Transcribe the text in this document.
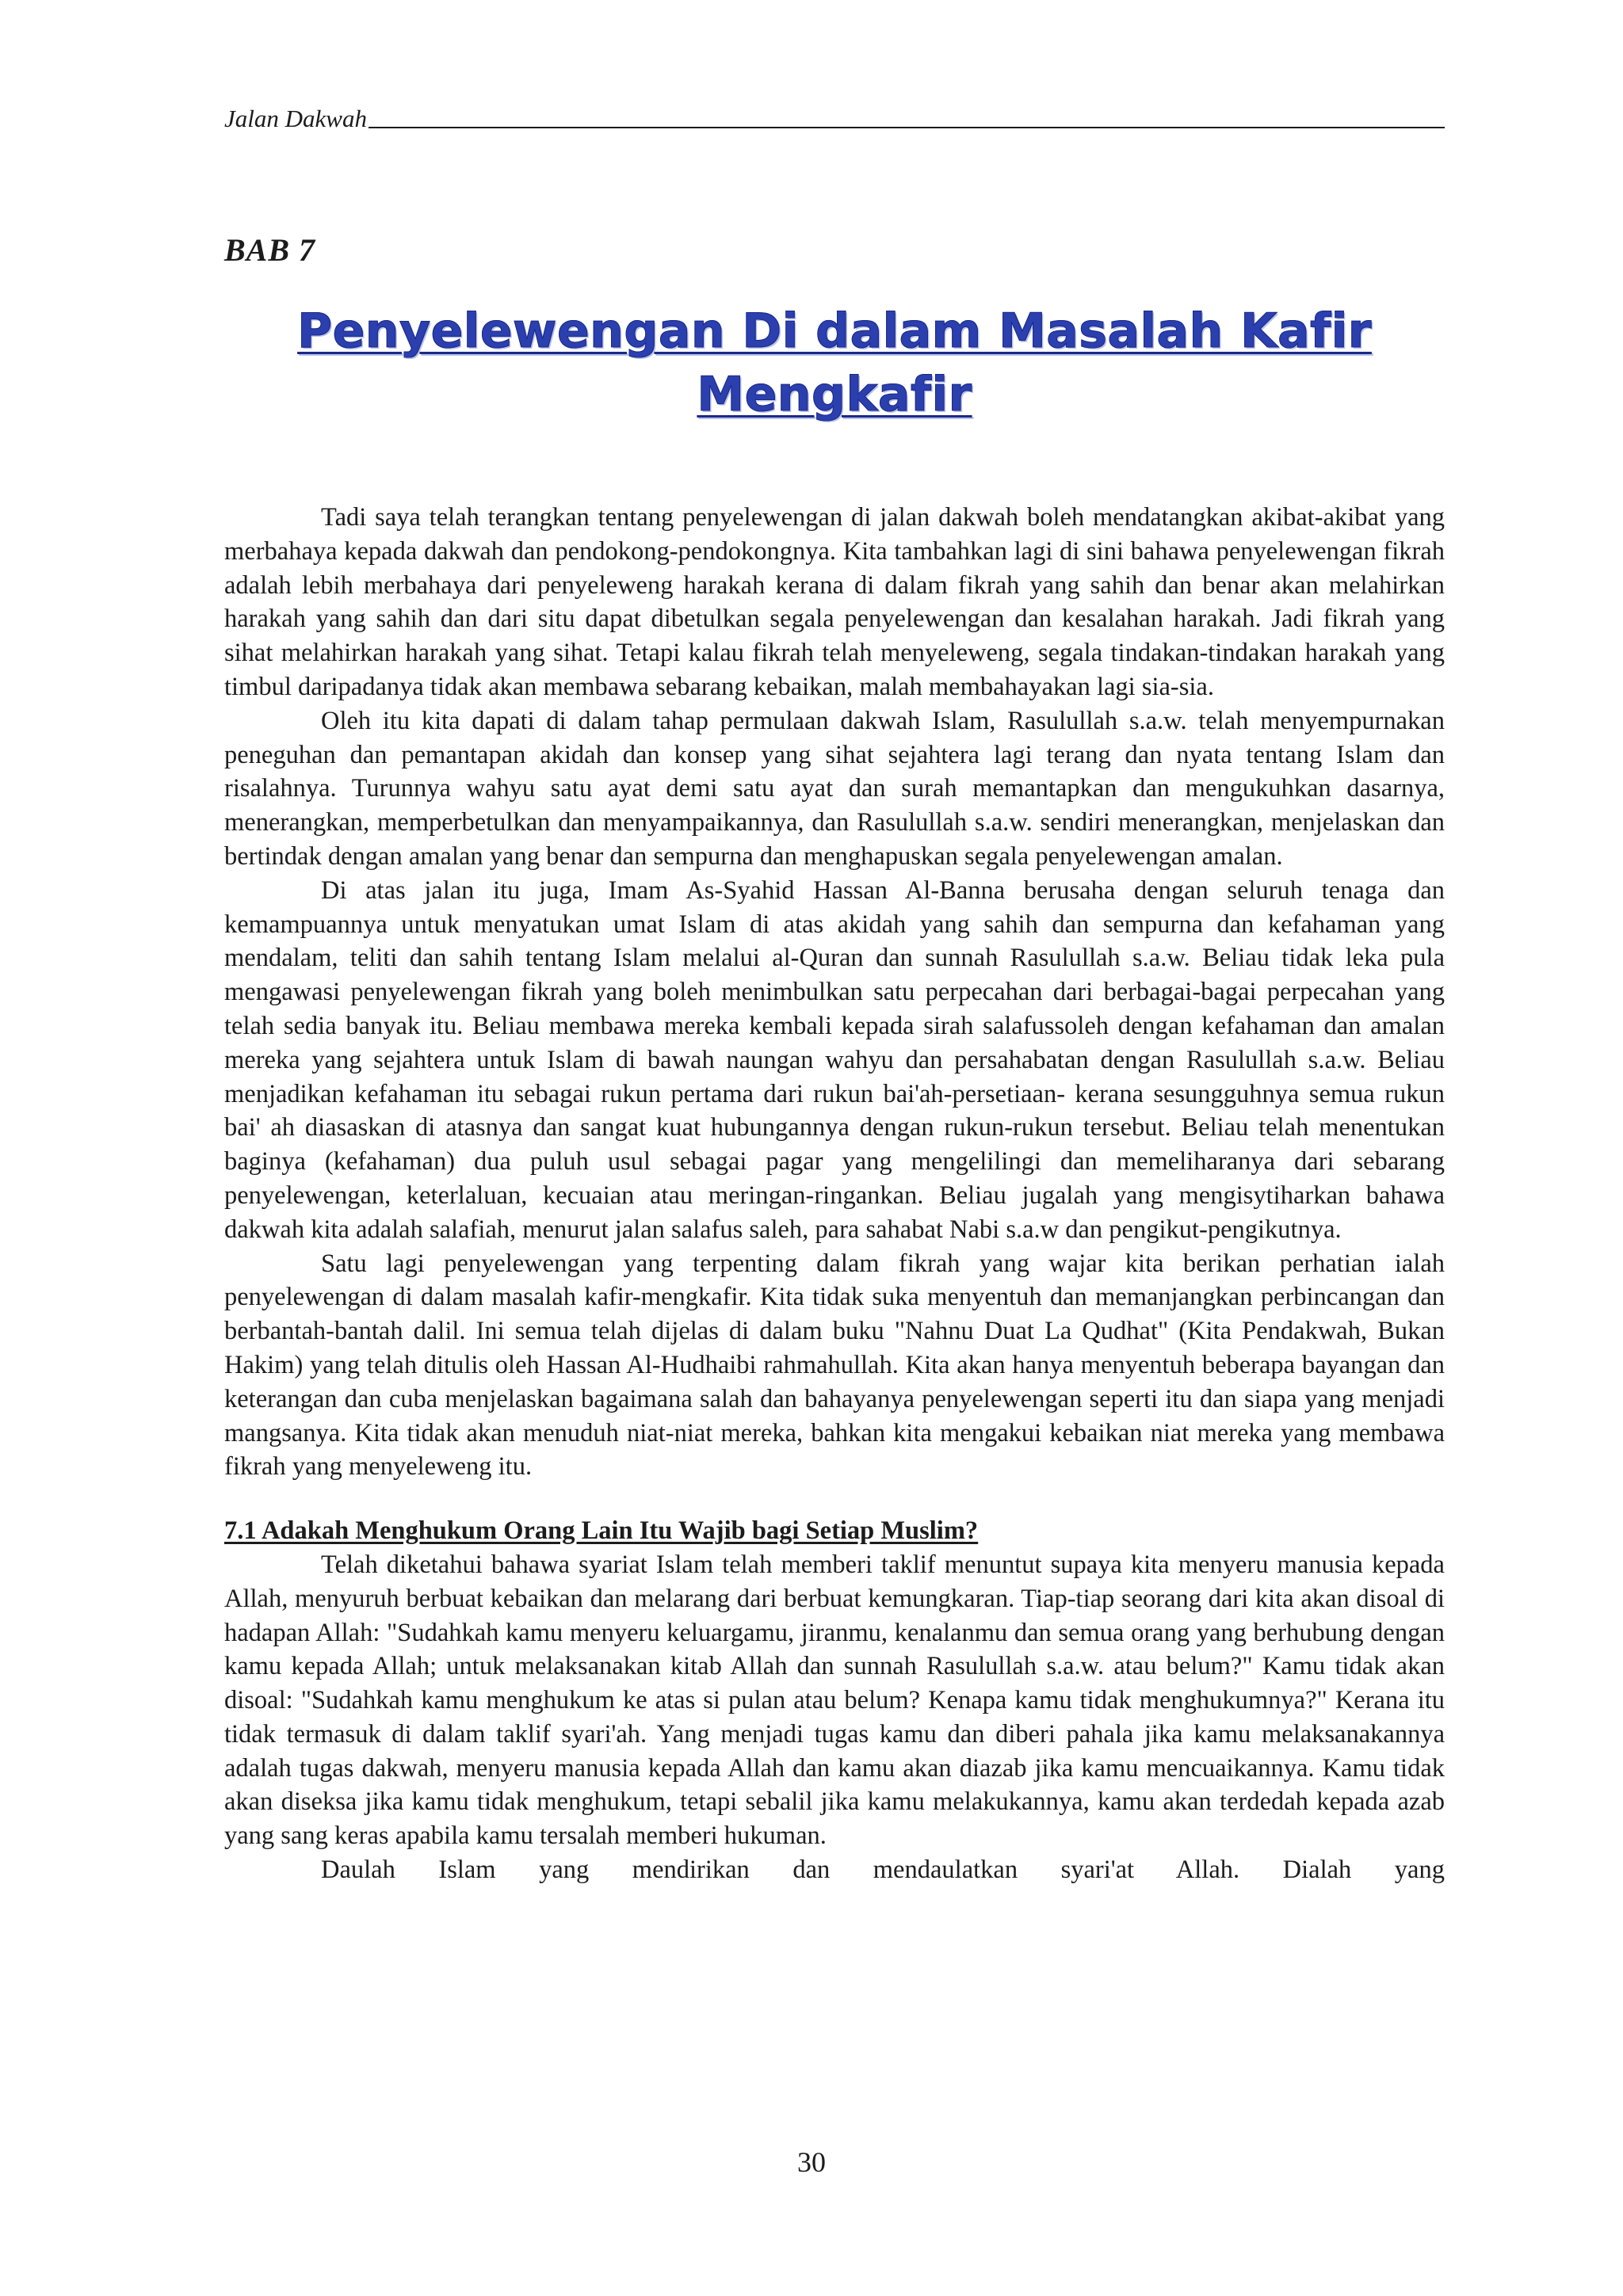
Jalan Dakwah
BAB 7
Penyelewengan Di dalam Masalah Kafir
Mengkafir

Tadi saya telah terangkan tentang penyelewengan di jalan dakwah boleh mendatangkan akibat-akibat yang merbahaya kepada dakwah dan pendokong-pendokongnya. Kita tambahkan lagi di sini bahawa penyelewengan fikrah adalah lebih merbahaya dari penyeleweng harakah kerana di dalam fikrah yang sahih dan benar akan melahirkan harakah yang sahih dan dari situ dapat dibetulkan segala penyelewengan dan kesalahan harakah. Jadi fikrah yang sihat melahirkan harakah yang sihat. Tetapi kalau fikrah telah menyeleweng, segala tindakan-tindakan harakah yang timbul daripadanya tidak akan membawa sebarang kebaikan, malah membahayakan lagi sia-sia.

Oleh itu kita dapati di dalam tahap permulaan dakwah Islam, Rasulullah s.a.w. telah menyempurnakan peneguhan dan pemantapan akidah dan konsep yang sihat sejahtera lagi terang dan nyata tentang Islam dan risalahnya. Turunnya wahyu satu ayat demi satu ayat dan surah memantapkan dan mengukuhkan dasarnya, menerangkan, memperbetulkan dan menyampaikannya, dan Rasulullah s.a.w. sendiri menerangkan, menjelaskan dan bertindak dengan amalan yang benar dan sempurna dan menghapuskan segala penyelewengan amalan.

Di atas jalan itu juga, Imam As-Syahid Hassan Al-Banna berusaha dengan seluruh tenaga dan kemampuannya untuk menyatukan umat Islam di atas akidah yang sahih dan sempurna dan kefahaman yang mendalam, teliti dan sahih tentang Islam melalui al-Quran dan sunnah Rasulullah s.a.w. Beliau tidak leka pula mengawasi penyelewengan fikrah yang boleh menimbulkan satu perpecahan dari berbagai-bagai perpecahan yang telah sedia banyak itu. Beliau membawa mereka kembali kepada sirah salafussoleh dengan kefahaman dan amalan mereka yang sejahtera untuk Islam di bawah naungan wahyu dan persahabatan dengan Rasulullah s.a.w. Beliau menjadikan kefahaman itu sebagai rukun pertama dari rukun bai'ah-persetiaan- kerana sesungguhnya semua rukun bai' ah diasaskan di atasnya dan sangat kuat hubungannya dengan rukun-rukun tersebut. Beliau telah menentukan baginya (kefahaman) dua puluh usul sebagai pagar yang mengelilingi dan memeliharanya dari sebarang penyelewengan, keterlaluan, kecuaian atau meringan-ringankan. Beliau jugalah yang mengisytiharkan bahawa dakwah kita adalah salafiah, menurut jalan salafus saleh, para sahabat Nabi s.a.w dan pengikut-pengikutnya.

Satu lagi penyelewengan yang terpenting dalam fikrah yang wajar kita berikan perhatian ialah penyelewengan di dalam masalah kafir-mengkafir. Kita tidak suka menyentuh dan memanjangkan perbincangan dan berbantah-bantah dalil. Ini semua telah dijelas di dalam buku "Nahnu Duat La Qudhat" (Kita Pendakwah, Bukan Hakim) yang telah ditulis oleh Hassan Al-Hudhaibi rahmahullah. Kita akan hanya menyentuh beberapa bayangan dan keterangan dan cuba menjelaskan bagaimana salah dan bahayanya penyelewengan seperti itu dan siapa yang menjadi mangsanya. Kita tidak akan menuduh niat-niat mereka, bahkan kita mengakui kebaikan niat mereka yang membawa fikrah yang menyeleweng itu.

7.1 Adakah Menghukum Orang Lain Itu Wajib bagi Setiap Muslim?

Telah diketahui bahawa syariat Islam telah memberi taklif menuntut supaya kita menyeru manusia kepada Allah, menyuruh berbuat kebaikan dan melarang dari berbuat kemungkaran. Tiap-tiap seorang dari kita akan disoal di hadapan Allah: "Sudahkah kamu menyeru keluargamu, jiranmu, kenalanmu dan semua orang yang berhubung dengan kamu kepada Allah; untuk melaksanakan kitab Allah dan sunnah Rasulullah s.a.w. atau belum?" Kamu tidak akan disoal: "Sudahkah kamu menghukum ke atas si pulan atau belum? Kenapa kamu tidak menghukumnya?" Kerana itu tidak termasuk di dalam taklif syari'ah. Yang menjadi tugas kamu dan diberi pahala jika kamu melaksanakannya adalah tugas dakwah, menyeru manusia kepada Allah dan kamu akan diazab jika kamu mencuaikannya. Kamu tidak akan diseksa jika kamu tidak menghukum, tetapi sebalil jika kamu melakukannya, kamu akan terdedah kepada azab yang sang keras apabila kamu tersalah memberi hukuman.

Daulah Islam yang mendirikan dan mendaulatkan syari'at Allah. Dialah yang

30
